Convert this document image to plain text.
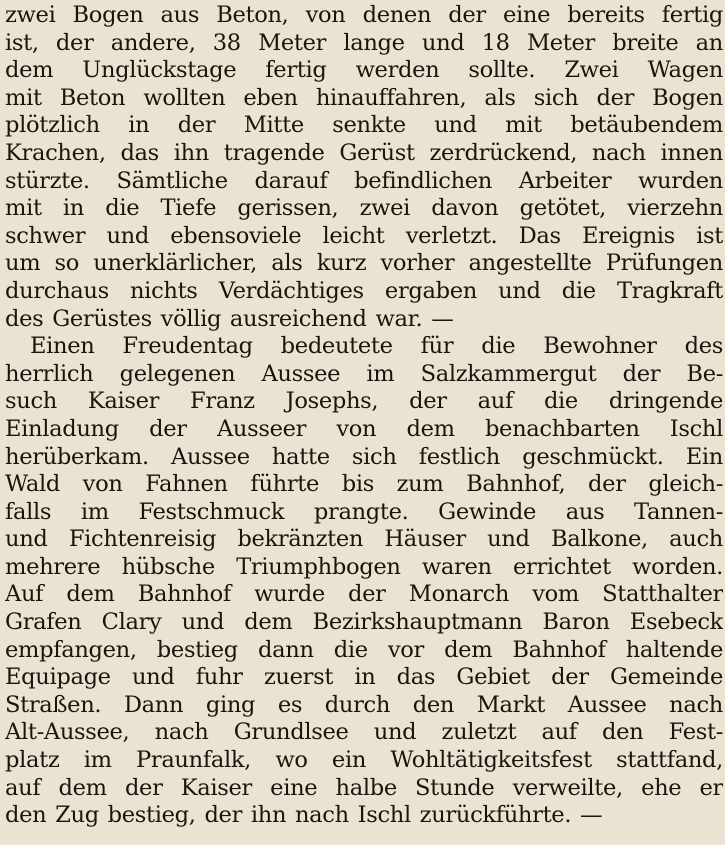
zwei Bogen aus Beton, von denen der eine bereits fertig
ist, der andere, 38 Meter lange und 18 Meter breite an
dem Unglückstage fertig werden sollte. Zwei Wagen
mit Beton wollten eben hinauffahren, als sich der Bogen
plötzlich in der Mitte senkte und mit betäubendem
Krachen, das ihn tragende Gerüst zerdrückend, nach innen
stürzte. Sämtliche darauf befindlichen Arbeiter wurden
mit in die Tiefe gerissen, zwei davon getötet, vierzehn
schwer und ebensoviele leicht verletzt. Das Ereignis ist
um so unerklärlicher, als kurz vorher angestellte Prüfungen
durchaus nichts Verdächtiges ergaben und die Tragkraft
des Gerüstes völlig ausreichend war. —
Einen Freudentag bedeutete für die Bewohner des
herrlich gelegenen Aussee im Salzkammergut der Be-
such Kaiser Franz Josephs, der auf die dringende
Einladung der Ausseer von dem benachbarten Ischl
herüberkam. Aussee hatte sich festlich geschmückt. Ein
Wald von Fahnen führte bis zum Bahnhof, der gleich-
falls im Festschmuck prangte. Gewinde aus Tannen-
und Fichtenreisig bekränzten Häuser und Balkone, auch
mehrere hübsche Triumphbogen waren errichtet worden.
Auf dem Bahnhof wurde der Monarch vom Statthalter
Grafen Clary und dem Bezirkshauptmann Baron Esebeck
empfangen, bestieg dann die vor dem Bahnhof haltende
Equipage und fuhr zuerst in das Gebiet der Gemeinde
Straßen. Dann ging es durch den Markt Aussee nach
Alt-Aussee, nach Grundlsee und zuletzt auf den Fest-
platz im Praunfalk, wo ein Wohltätigkeitsfest stattfand,
auf dem der Kaiser eine halbe Stunde verweilte, ehe er
den Zug bestieg, der ihn nach Ischl zurückführte. —
